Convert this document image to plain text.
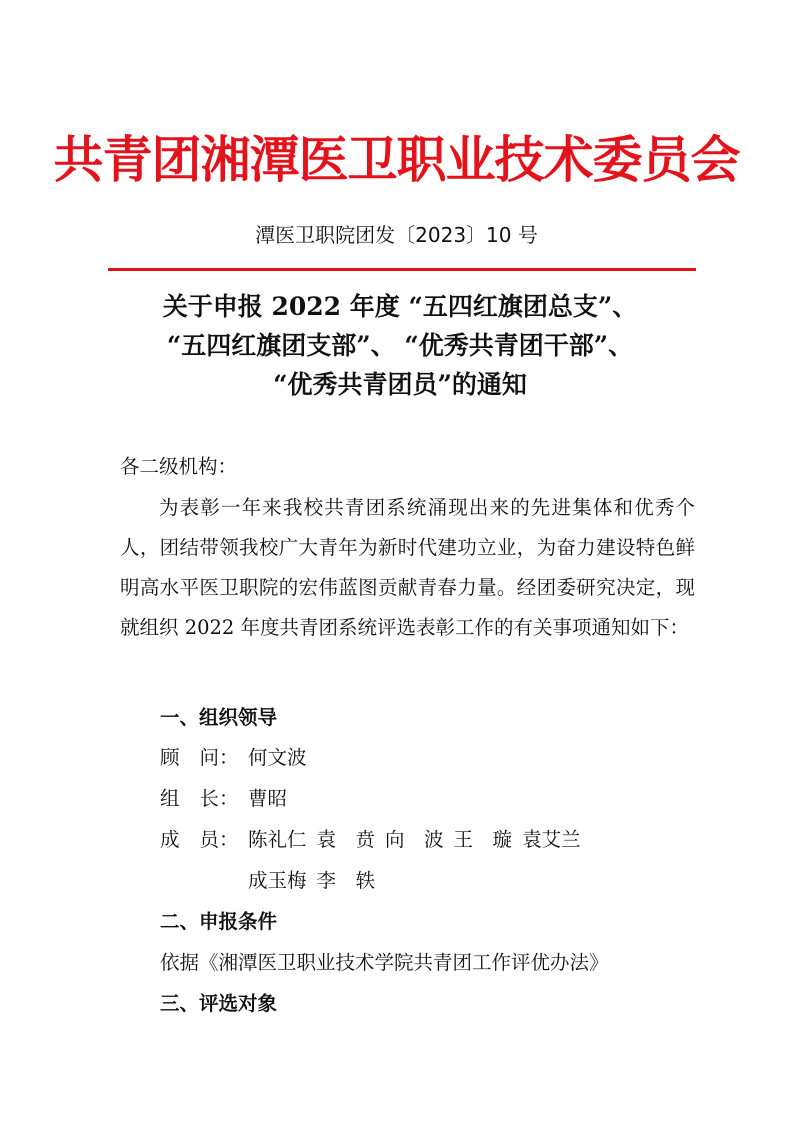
共青团湘潭医卫职业技术委员会
潭医卫职院团发〔2023〕10 号
关于申报 2022 年度 “五四红旗团总支”、
“五四红旗团支部”、 “优秀共青团干部”、
“优秀共青团员”的通知
各二级机构：
为表彰一年来我校共青团系统涌现出来的先进集体和优秀个人，团结带领我校广大青年为新时代建功立业，为奋力建设特色鲜明高水平医卫职院的宏伟蓝图贡献青春力量。经团委研究决定，现就组织 2022 年度共青团系统评选表彰工作的有关事项通知如下：
一、组织领导
顾 问： 何文波
组 长： 曹昭
成 员： 陈礼仁 袁　贲 向　波 王　璇 袁艾兰
成玉梅 李　轶
二、申报条件
依据《湘潭医卫职业技术学院共青团工作评优办法》
三、评选对象
